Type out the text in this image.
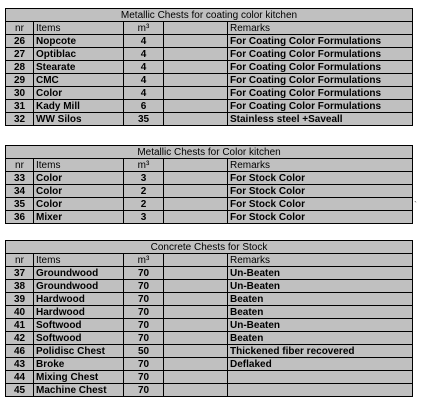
Metallic Chests for coating color kitchen				
nr	Items	m³		Remarks
26	Nopcote	4		For Coating Color Formulations
27	Optiblac	4		For Coating Color Formulations
28	Stearate	4		For Coating Color Formulations
29	CMC	4		For Coating Color Formulations
30	Color	4		For Coating Color Formulations
31	Kady Mill	6		For Coating Color Formulations
32	WW Silos	35		Stainless steel +Saveall
Metallic Chests for Color kitchen				
nr	Items	m³		Remarks
33	Color	3		For Stock Color
34	Color	2		For Stock Color
35	Color	2		For Stock Color
36	Mixer	3		For Stock Color
Concrete Chests for Stock				
nr	Items	m³		Remarks
37	Groundwood	70		Un-Beaten
38	Groundwood	70		Un-Beaten
39	Hardwood	70		Beaten
40	Hardwood	70		Beaten
41	Softwood	70		Un-Beaten
42	Softwood	70		Beaten
46	Polidisc Chest	50		Thickened fiber recovered
43	Broke	70		Deflaked
44	Mixing Chest	70		
45	Machine Chest	70		
`
